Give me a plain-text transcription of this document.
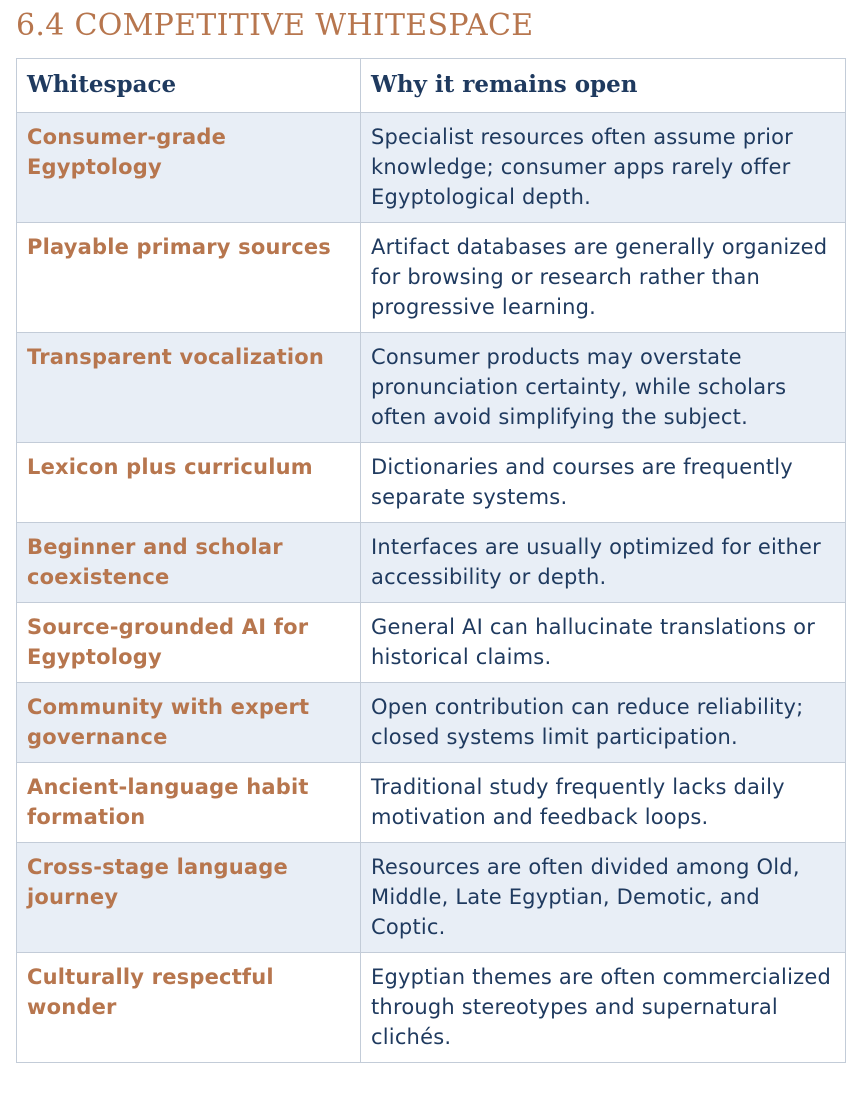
6.4 COMPETITIVE WHITESPACE
Whitespace	Why it remains open
Consumer-grade Egyptology	Specialist resources often assume prior knowledge; consumer apps rarely offer Egyptological depth.
Playable primary sources	Artifact databases are generally organized for browsing or research rather than progressive learning.
Transparent vocalization	Consumer products may overstate pronunciation certainty, while scholars often avoid simplifying the subject.
Lexicon plus curriculum	Dictionaries and courses are frequently separate systems.
Beginner and scholar coexistence	Interfaces are usually optimized for either accessibility or depth.
Source-grounded AI for Egyptology	General AI can hallucinate translations or historical claims.
Community with expert governance	Open contribution can reduce reliability; closed systems limit participation.
Ancient-language habit formation	Traditional study frequently lacks daily motivation and feedback loops.
Cross-stage language journey	Resources are often divided among Old, Middle, Late Egyptian, Demotic, and Coptic.
Culturally respectful wonder	Egyptian themes are often commercialized through stereotypes and supernatural clichés.
